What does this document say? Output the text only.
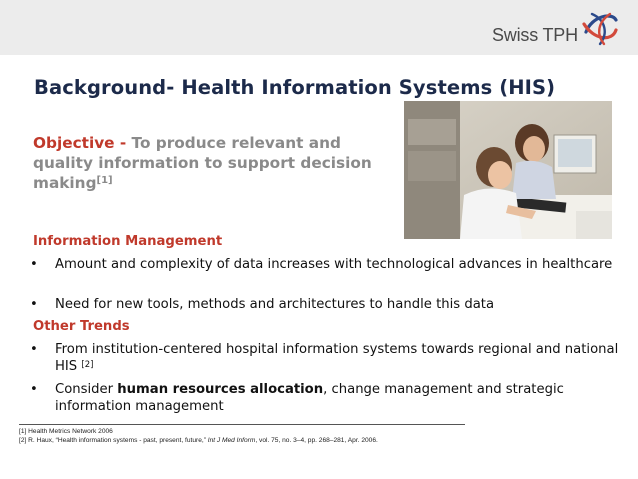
Swiss TPH
Background- Health Information Systems (HIS)
Objective - To produce relevant and quality information to support decision making[1]
Information Management
• Amount and complexity of data increases with technological advances in healthcare
• Need for new tools, methods and architectures to handle this data
Other Trends
• From institution-centered hospital information systems towards regional and national HIS [2]
• Consider human resources allocation, change management and strategic information management
[1] Health Metrics Network 2006
[2] R. Haux, “Health information systems - past, present, future,” Int J Med Inform, vol. 75, no. 3–4, pp. 268–281, Apr. 2006.
